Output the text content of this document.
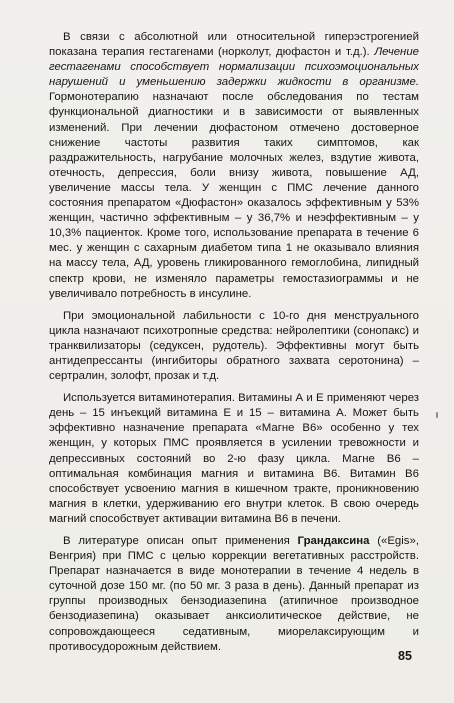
В связи с абсолютной или относительной гиперэстрогенией показана терапия гестагенами (норколут, дюфастон и т.д.). Лечение гестагенами способствует нормализации психоэмоциональных нарушений и уменьшению задержки жидкости в организме. Гормонотерапию назначают после обследования по тестам функциональной диагностики и в зависимости от выявленных изменений. При лечении дюфастоном отмечено достоверное снижение частоты развития таких симптомов, как раздражительность, нагрубание молочных желез, вздутие живота, отечность, депрессия, боли внизу живота, повышение АД, увеличение массы тела. У женщин с ПМС лечение данного состояния препаратом «Дюфастон» оказалось эффективным у 53% женщин, частично эффективным – у 36,7% и неэффективным – у 10,3% пациенток. Кроме того, использование препарата в течение 6 мес. у женщин с сахарным диабетом типа 1 не оказывало влияния на массу тела, АД, уровень гликированного гемоглобина, липидный спектр крови, не изменяло параметры гемостазиограммы и не увеличивало потребность в инсулине.

При эмоциональной лабильности с 10-го дня менструального цикла назначают психотропные средства: нейролептики (сонопакс) и транквилизаторы (седуксен, рудотель). Эффективны могут быть антидепрессанты (ингибиторы обратного захвата серотонина) – сертралин, золофт, прозак и т.д.

Используется витаминотерапия. Витамины А и Е применяют через день – 15 инъекций витамина Е и 15 – витамина А. Может быть эффективно назначение препарата «Магне В6» особенно у тех женщин, у которых ПМС проявляется в усилении тревожности и депрессивных состояний во 2-ю фазу цикла. Магне В6 – оптимальная комбинация магния и витамина В6. Витамин В6 способствует усвоению магния в кишечном тракте, проникновению магния в клетки, удерживанию его внутри клеток. В свою очередь магний способствует активации витамина В6 в печени.

В литературе описан опыт применения Грандаксина («Egis», Венгрия) при ПМС с целью коррекции вегетативных расстройств. Препарат назначается в виде монотерапии в течение 4 недель в суточной дозе 150 мг. (по 50 мг. 3 раза в день). Данный препарат из группы производных бензодиазепина (атипичное производное бензодиазепина) оказывает анксиолитическое действие, не сопровождающееся седативным, миорелаксирующим и противосудорожным действием.

85
